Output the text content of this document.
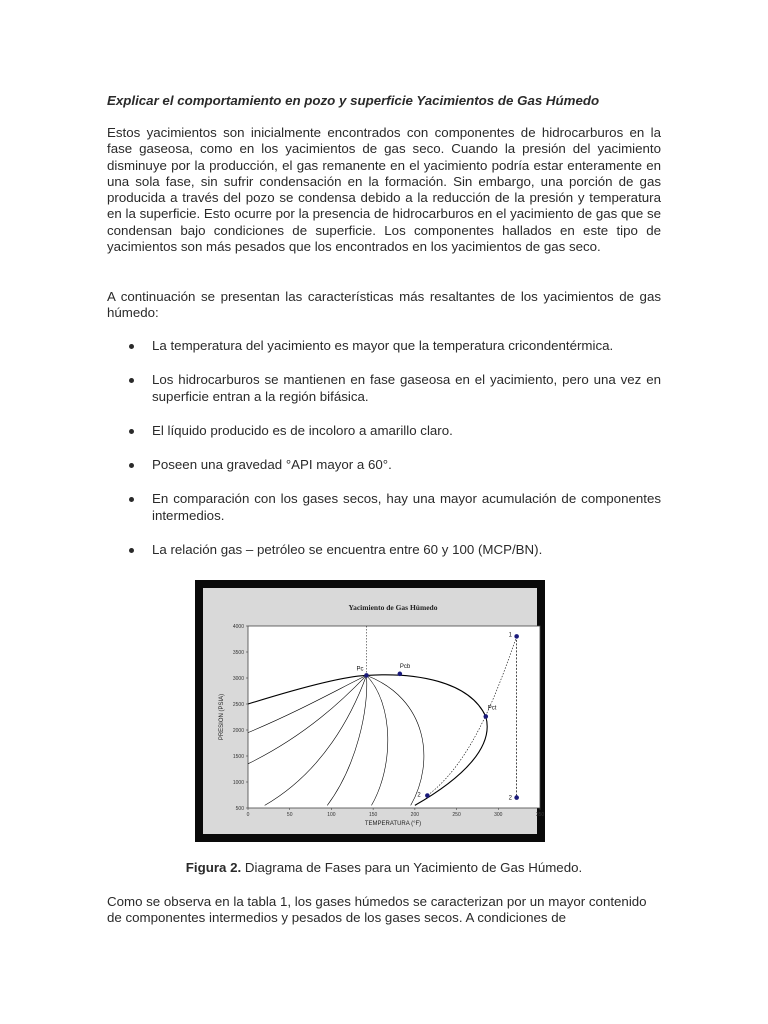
Explicar el comportamiento en pozo y superficie Yacimientos de Gas Húmedo

Estos yacimientos son inicialmente encontrados con componentes de hidrocarburos en la fase gaseosa, como en los yacimientos de gas seco. Cuando la presión del yacimiento disminuye por la producción, el gas remanente en el yacimiento podría estar enteramente en una sola fase, sin sufrir condensación en la formación. Sin embargo, una porción de gas producida a través del pozo se condensa debido a la reducción de la presión y temperatura en la superficie. Esto ocurre por la presencia de hidrocarburos en el yacimiento de gas que se condensan bajo condiciones de superficie. Los componentes hallados en este tipo de yacimientos son más pesados que los encontrados en los yacimientos de gas seco.

A continuación se presentan las características más resaltantes de los yacimientos de gas húmedo:

La temperatura del yacimiento es mayor que la temperatura cricondentérmica.
Los hidrocarburos se mantienen en fase gaseosa en el yacimiento, pero una vez en superficie entran a la región bifásica.
El líquido producido es de incoloro a amarillo claro.
Poseen una gravedad °API mayor a 60°.
En comparación con los gases secos, hay una mayor acumulación de componentes intermedios.
La relación gas – petróleo se encuentra entre 60 y 100 (MCP/BN).
Figura 2. Diagrama de Fases para un Yacimiento de Gas Húmedo.

Como se observa en la tabla 1, los gases húmedos se caracterizan por un mayor contenido de componentes intermedios y pesados de los gases secos. A condiciones de

Yacimiento de Gas Húmedo
TEMPERATURA (°F)
PRESION (PSIA)
0	50	100	150	200	250	300	350
500
1000
1500
2000
2500
3000
3500
4000
Pc	Pcb
Pct
1
2
2
